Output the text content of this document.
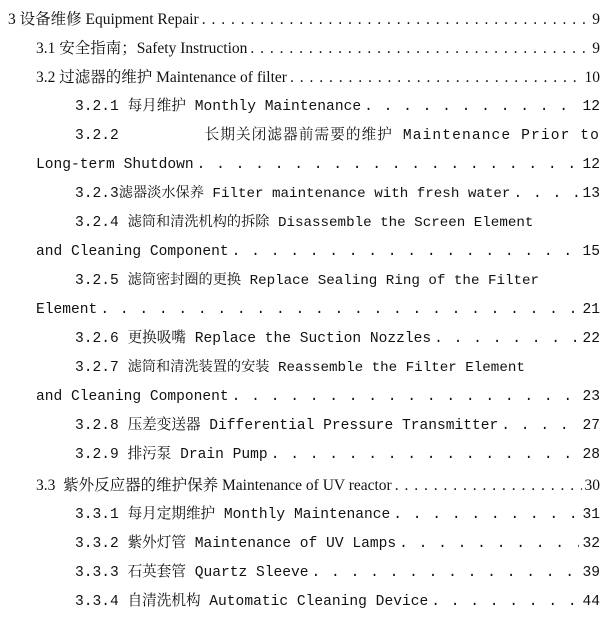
3
设备维修 Equipment Repair . . .	9
3.1
安全指南；Safety Instruction . . .	9
3.2
过滤器的维护 Maintenance of filter . . .	10
3.2.1
每月维护 Monthly Maintenance . . .	12
3.2.2
	长期关闭滤器前需要的维护 Maintenance Prior to
Long-term Shutdown . . .	12
3.2.3 滤器淡水保养 Filter maintenance with fresh water . . .	13
3.2.4
滤筒和清洗机构的拆除 Disassemble the Screen Element
and Cleaning Component . . .	15
3.2.5
滤筒密封圈的更换 Replace Sealing Ring of the Filter
Element . . .	21
3.2.6
更换吸嘴 Replace the Suction Nozzles . . .	22
3.2.7
滤筒和清洗装置的安装 Reassemble the Filter Element
and Cleaning Component . . .	23
3.2.8
压差变送器 Differential Pressure Transmitter . . .	27
3.2.9
排污泵 Drain Pump . . .	28
3.3
紫外反应器的维护保养 Maintenance of UV reactor . . .	30
3.3.1
每月定期维护 Monthly Maintenance . . .	31
3.3.2
紫外灯管 Maintenance of UV Lamps . . .	32
3.3.3
石英套管 Quartz Sleeve . . .	39
3.3.4
自清洗机构 Automatic Cleaning Device . . .	44
